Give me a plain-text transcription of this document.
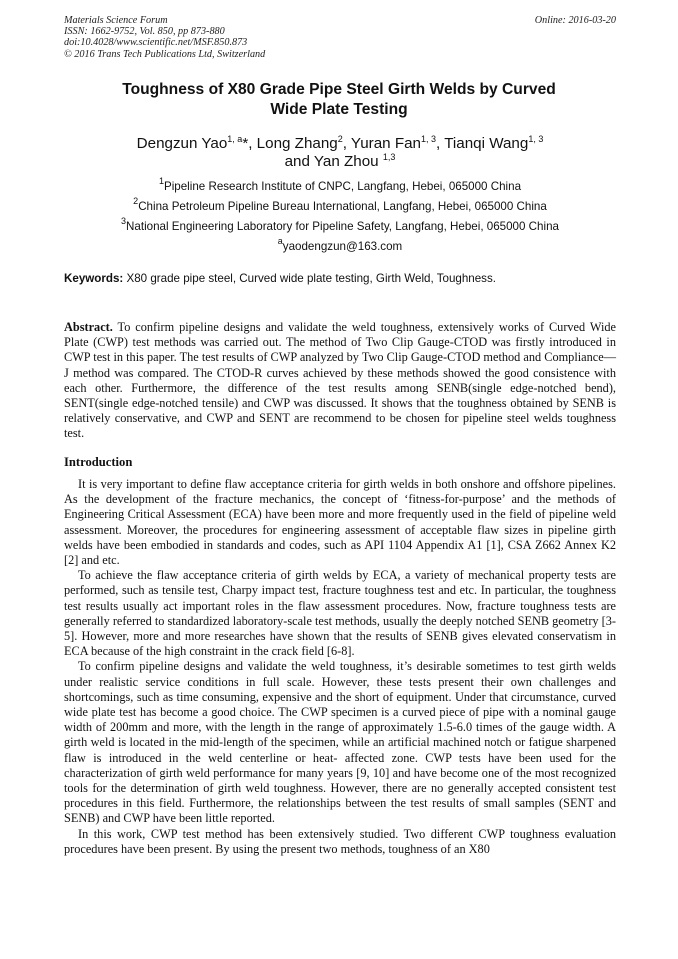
Materials Science Forum
ISSN: 1662-9752, Vol. 850, pp 873-880
doi:10.4028/www.scientific.net/MSF.850.873
© 2016 Trans Tech Publications Ltd, Switzerland
Online: 2016-03-20
Toughness of X80 Grade Pipe Steel Girth Welds by Curved
Wide Plate Testing
Dengzun Yao$^{1, a}$*, Long Zhang$^2$, Yuran Fan$^{1, 3}$, Tianqi Wang$^{1, 3}$
and Yan Zhou $^{1,3}$
$^1$Pipeline Research Institute of CNPC, Langfang, Hebei, 065000 China
$^2$China Petroleum Pipeline Bureau International, Langfang, Hebei, 065000 China
$^3$National Engineering Laboratory for Pipeline Safety, Langfang, Hebei, 065000 China
$^a$yaodengzun@163.com
Keywords: X80 grade pipe steel, Curved wide plate testing, Girth Weld, Toughness.
Abstract. To confirm pipeline designs and validate the weld toughness, extensively works of Curved Wide Plate (CWP) test methods was carried out. The method of Two Clip Gauge-CTOD was firstly introduced in CWP test in this paper. The test results of CWP analyzed by Two Clip Gauge-CTOD method and Compliance—J method was compared. The CTOD-R curves achieved by these methods showed the good consistence with each other. Furthermore, the difference of the test results among SENB(single edge-notched bend), SENT(single edge-notched tensile) and CWP was discussed. It shows that the toughness obtained by SENB is relatively conservative, and CWP and SENT are recommend to be chosen for pipeline steel welds toughness test.
Introduction

It is very important to define flaw acceptance criteria for girth welds in both onshore and offshore pipelines. As the development of the fracture mechanics, the concept of ‘fitness-for-purpose’ and the methods of Engineering Critical Assessment (ECA) have been more and more frequently used in the field of pipeline weld assessment. Moreover, the procedures for engineering assessment of acceptable flaw sizes in pipeline girth welds have been embodied in standards and codes, such as API 1104 Appendix A1 [1], CSA Z662 Annex K2 [2] and etc.

To achieve the flaw acceptance criteria of girth welds by ECA, a variety of mechanical property tests are performed, such as tensile test, Charpy impact test, fracture toughness test and etc. In particular, the toughness test results usually act important roles in the flaw assessment procedures. Now, fracture toughness tests are generally referred to standardized laboratory-scale test methods, usually the deeply notched SENB geometry [3-5]. However, more and more researches have shown that the results of SENB gives elevated conservatism in ECA because of the high constraint in the crack field [6-8].

To confirm pipeline designs and validate the weld toughness, it’s desirable sometimes to test girth welds under realistic service conditions in full scale. However, these tests present their own challenges and shortcomings, such as time consuming, expensive and the short of equipment. Under that circumstance, curved wide plate test has become a good choice. The CWP specimen is a curved piece of pipe with a nominal gauge width of 200mm and more, with the length in the range of approximately 1.5-6.0 times of the gauge width. A girth weld is located in the mid-length of the specimen, while an artificial machined notch or fatigue sharpened flaw is introduced in the weld centerline or heat- affected zone. CWP tests have been used for the characterization of girth weld performance for many years [9, 10] and have become one of the most recognized tools for the determination of girth weld toughness. However, there are no generally accepted consistent test procedures in this field. Furthermore, the relationships between the test results of small samples (SENT and SENB) and CWP have been little reported.

In this work, CWP test method has been extensively studied. Two different CWP toughness evaluation procedures have been present. By using the present two methods, toughness of an X80
